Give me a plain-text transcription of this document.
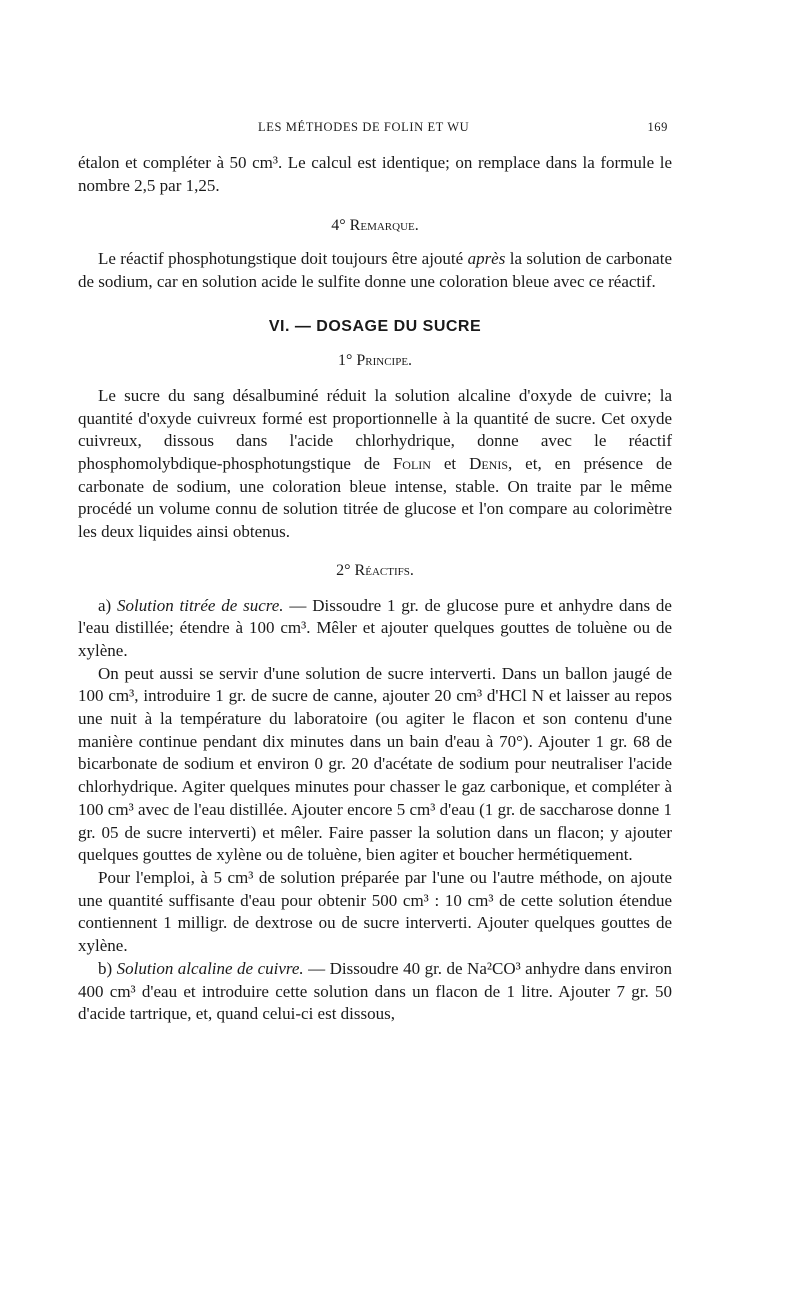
LES MÉTHODES DE FOLIN ET WU	169

étalon et compléter à 50 cm³. Le calcul est identique; on remplace dans la formule le nombre 2,5 par 1,25.

4° Remarque.

Le réactif phosphotungstique doit toujours être ajouté après la solution de carbonate de sodium, car en solution acide le sulfite donne une coloration bleue avec ce réactif.

VI. — DOSAGE DU SUCRE

1° Principe.

Le sucre du sang désalbuminé réduit la solution alcaline d'oxyde de cuivre; la quantité d'oxyde cuivreux formé est proportionnelle à la quantité de sucre. Cet oxyde cuivreux, dissous dans l'acide chlorhydrique, donne avec le réactif phosphomolybdique-phosphotungstique de Folin et Denis, et, en présence de carbonate de sodium, une coloration bleue intense, stable. On traite par le même procédé un volume connu de solution titrée de glucose et l'on compare au colorimètre les deux liquides ainsi obtenus.

2° Réactifs.

a) Solution titrée de sucre. — Dissoudre 1 gr. de glucose pure et anhydre dans de l'eau distillée; étendre à 100 cm³. Mêler et ajouter quelques gouttes de toluène ou de xylène.

On peut aussi se servir d'une solution de sucre interverti. Dans un ballon jaugé de 100 cm³, introduire 1 gr. de sucre de canne, ajouter 20 cm³ d'HCl N et laisser au repos une nuit à la température du laboratoire (ou agiter le flacon et son contenu d'une manière continue pendant dix minutes dans un bain d'eau à 70°). Ajouter 1 gr. 68 de bicarbonate de sodium et environ 0 gr. 20 d'acétate de sodium pour neutraliser l'acide chlorhydrique. Agiter quelques minutes pour chasser le gaz carbonique, et compléter à 100 cm³ avec de l'eau distillée. Ajouter encore 5 cm³ d'eau (1 gr. de saccharose donne 1 gr. 05 de sucre interverti) et mêler. Faire passer la solution dans un flacon; y ajouter quelques gouttes de xylène ou de toluène, bien agiter et boucher hermétiquement.

Pour l'emploi, à 5 cm³ de solution préparée par l'une ou l'autre méthode, on ajoute une quantité suffisante d'eau pour obtenir 500 cm³ : 10 cm³ de cette solution étendue contiennent 1 milligr. de dextrose ou de sucre interverti. Ajouter quelques gouttes de xylène.

b) Solution alcaline de cuivre. — Dissoudre 40 gr. de Na²CO³ anhydre dans environ 400 cm³ d'eau et introduire cette solution dans un flacon de 1 litre. Ajouter 7 gr. 50 d'acide tartrique, et, quand celui-ci est dissous,
